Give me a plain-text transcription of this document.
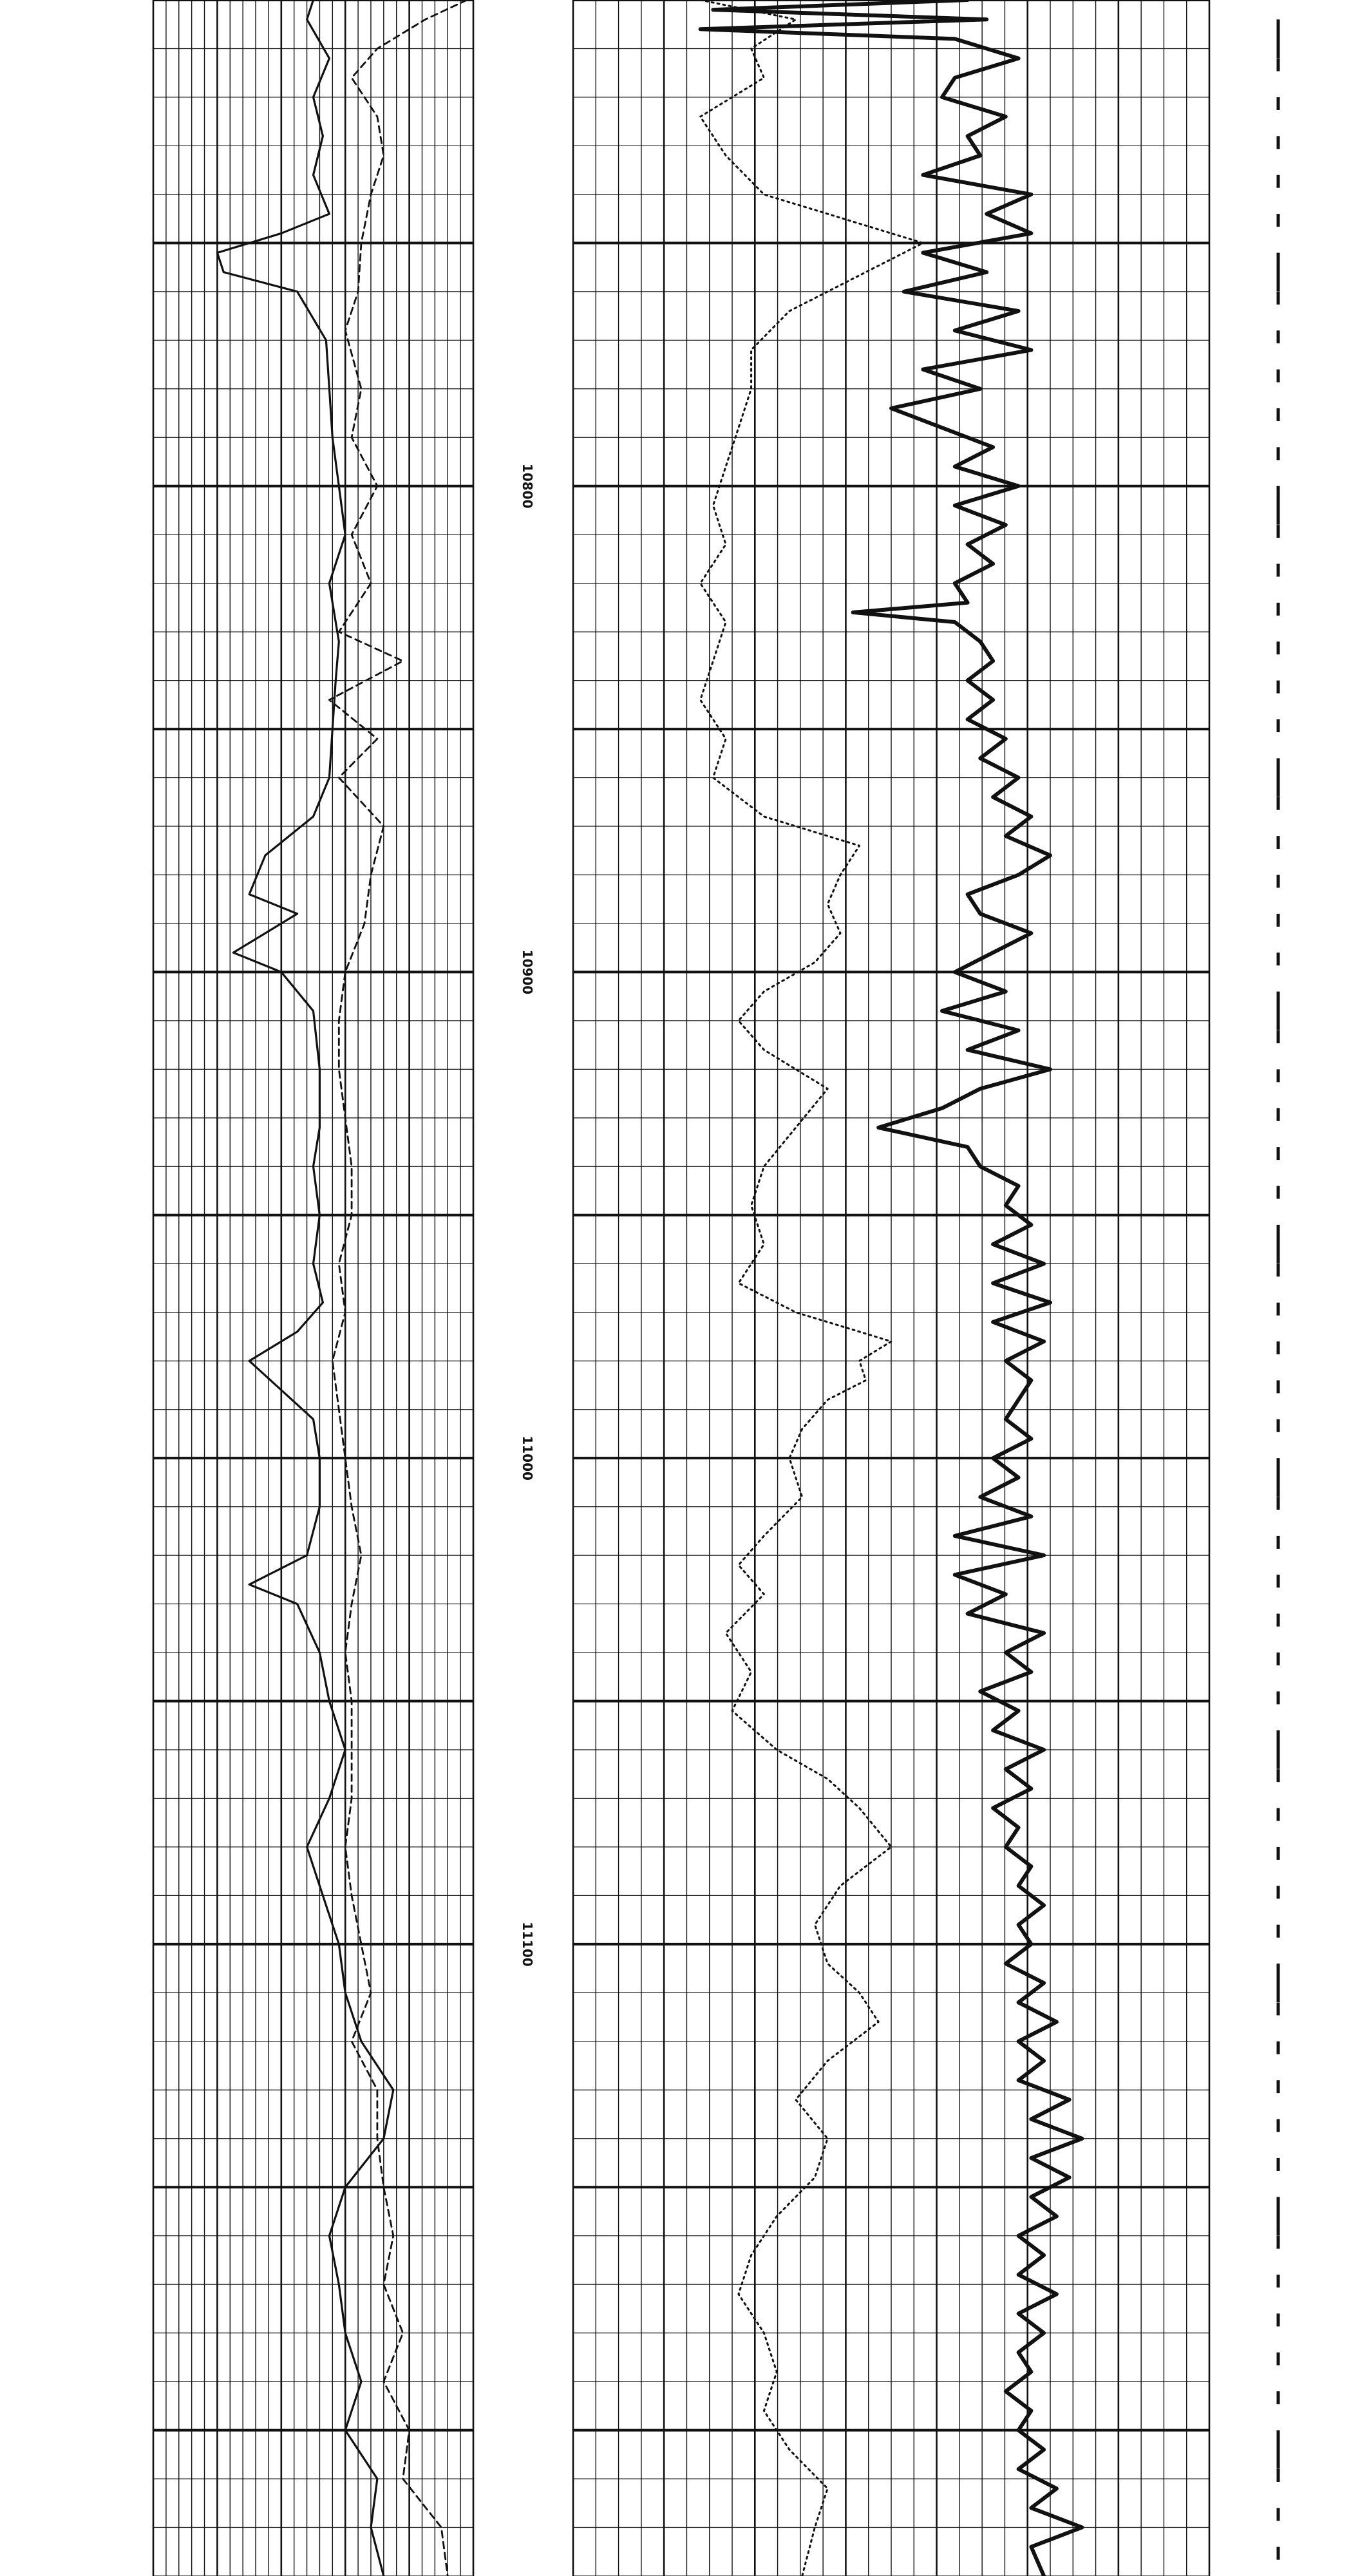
10800
10900
11000
11100
